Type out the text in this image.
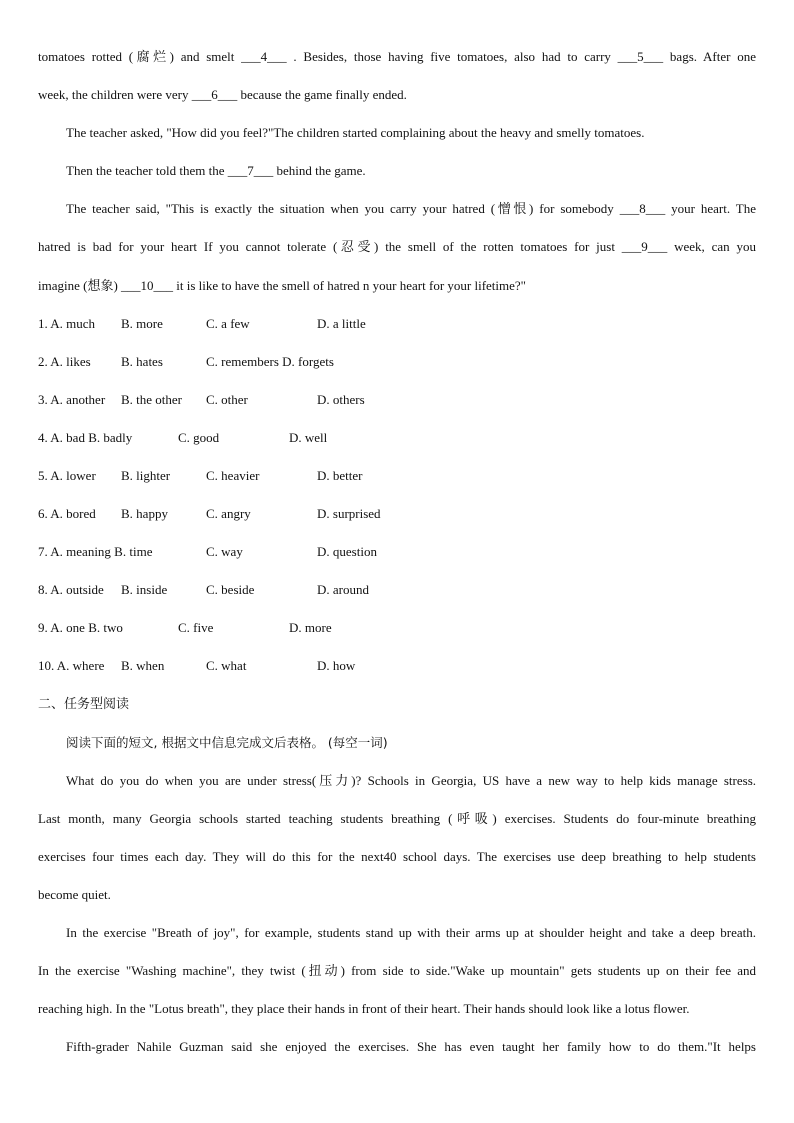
tomatoes rotted (腐烂) and smelt ___4___ . Besides, those having five tomatoes, also had to carry ___5___ bags. After one
week, the children were very ___6___ because the game finally ended.
The teacher asked, "How did you feel?"The children started complaining about the heavy and smelly tomatoes.
Then the teacher told them the ___7___ behind the game.
The teacher said, "This is exactly the situation when you carry your hatred (憎恨) for somebody ___8___ your heart. The
hatred is bad for your heart If you cannot tolerate (忍受) the smell of the rotten tomatoes for just ___9___ week, can you
imagine (想象) ___10___ it is like to have the smell of hatred n your heart for your lifetime?"
1. A. much B. more	C. a few	D. a little
2. A. likes B. hates	C. remembers D. forgets
3. A. another B. the other C. other	D. others
4. A. bad B. badly	C. good	D. well
5. A. lower B. lighter	C. heavier	D. better
6. A. bored B. happy	C. angry	D. surprised
7. A. meaning B. time	C. way	D. question
8. A. outside B. inside	C. beside	D. around
9. A. one B. two	C. five	D. more
10. A. where B. when	C. what	D. how
二、任务型阅读
阅读下面的短文, 根据文中信息完成文后表格。 (每空一词)
What do you do when you are under stress(压力)? Schools in Georgia, US have a new way to help kids manage stress.
Last month, many Georgia schools started teaching students breathing (呼吸) exercises. Students do four-minute breathing
exercises four times each day. They will do this for the next40 school days. The exercises use deep breathing to help students
become quiet.
In the exercise "Breath of joy", for example, students stand up with their arms up at shoulder height and take a deep breath.
In the exercise "Washing machine", they twist (扭动) from side to side."Wake up mountain" gets students up on their fee and
reaching high. In the "Lotus breath", they place their hands in front of their heart. Their hands should look like a lotus flower.
Fifth-grader Nahile Guzman said she enjoyed the exercises. She has even taught her family how to do them."It helps
